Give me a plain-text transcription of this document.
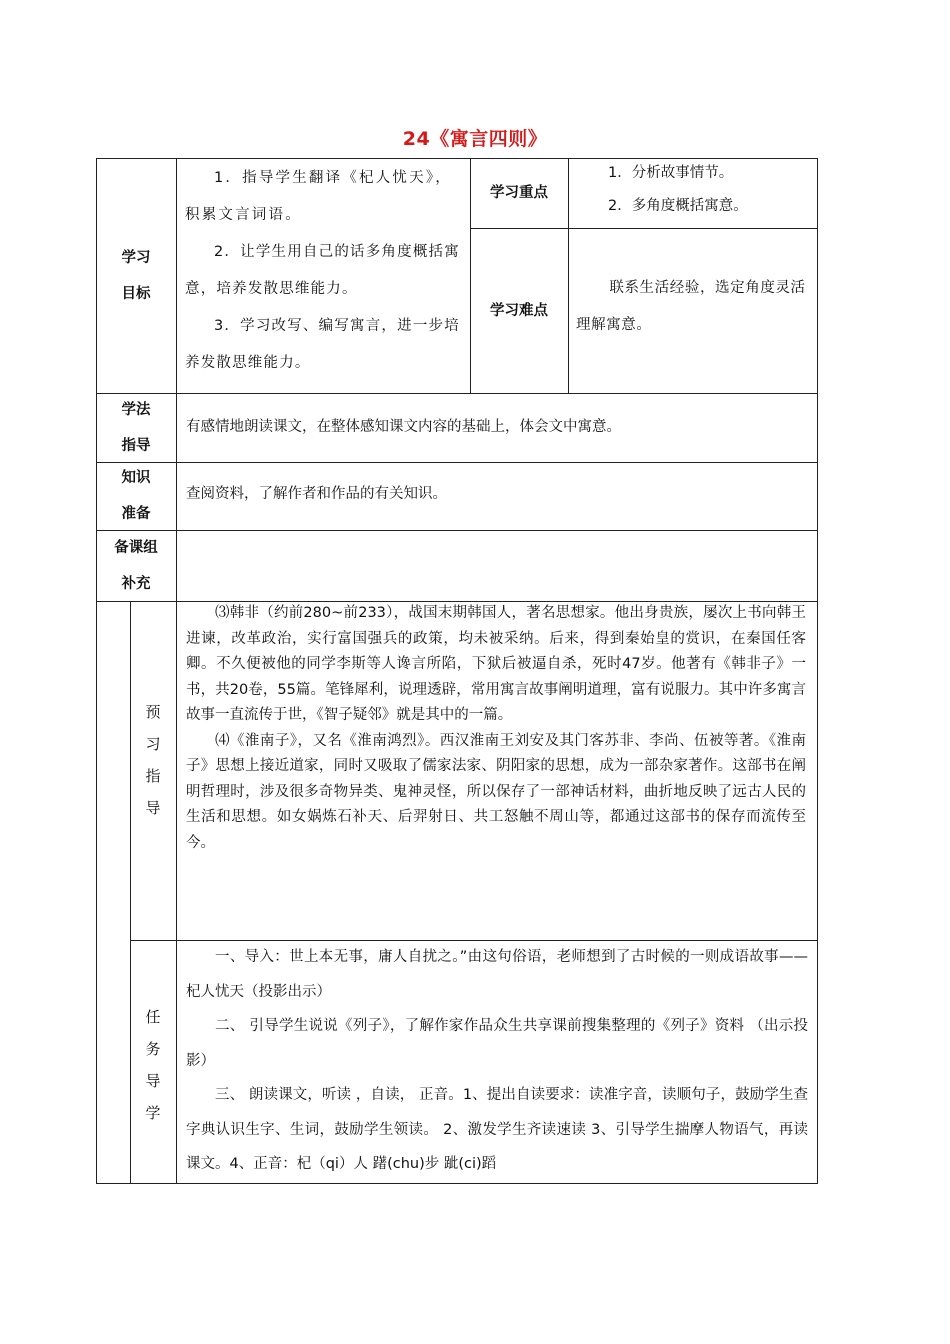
24《寓言四则》
学习
目标

1．指导学生翻译《杞人忧天》，积累文言词语。

2．让学生用自己的话多角度概括寓意，培养发散思维能力。

3．学习改写、编写寓言，进一步培养发散思维能力。

学习重点
1．分析故事情节。
2．多角度概括寓意。
学习难点

联系生活经验，选定角度灵活理解寓意。

学法
指导
有感情地朗读课文，在整体感知课文内容的基础上，体会文中寓意。
知识
准备
查阅资料，了解作者和作品的有关知识。
备课组
补充
预
习
指
导

⑶韩非（约前280~前233），战国末期韩国人，著名思想家。他出身贵族，屡次上书向韩王进谏，改革政治，实行富国强兵的政策，均未被采纳。后来，得到秦始皇的赏识，在秦国任客卿。不久便被他的同学李斯等人谗言所陷，下狱后被逼自杀，死时47岁。他著有《韩非子》一书，共20卷，55篇。笔锋犀利，说理透辟，常用寓言故事阐明道理，富有说服力。其中许多寓言故事一直流传于世，《智子疑邻》就是其中的一篇。

⑷《淮南子》，又名《淮南鸿烈》。西汉淮南王刘安及其门客苏非、李尚、伍被等著。《淮南子》思想上接近道家，同时又吸取了儒家法家、阴阳家的思想，成为一部杂家著作。这部书在阐明哲理时，涉及很多奇物异类、鬼神灵怪，所以保存了一部神话材料，曲折地反映了远古人民的生活和思想。如女娲炼石补天、后羿射日、共工怒触不周山等，都通过这部书的保存而流传至今。

任
务
导
学

一、导入：世上本无事，庸人自扰之。”由这句俗语，老师想到了古时候的一则成语故事——杞人忧天（投影出示）

二、 引导学生说说《列子》，了解作家作品众生共享课前搜集整理的《列子》资料 （出示投影）

三、 朗读课文，听读 ，自读， 正音。1、提出自读要求：读准字音，读顺句子，鼓励学生查字典认识生字、生词，鼓励学生领读。 2、激发学生齐读速读 3、引导学生揣摩人物语气，再读课文。4、正音：杞（qi）人 躇(chu)步 跐(ci)蹈
